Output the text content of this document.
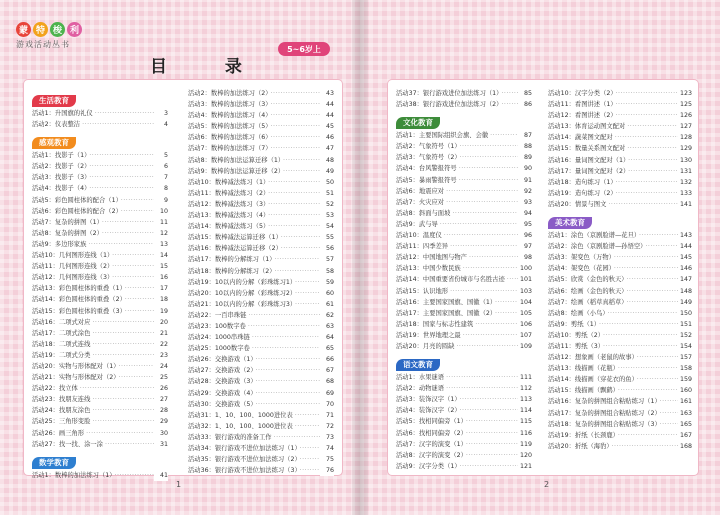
蒙 特 梭 利
游戏活动丛书
目 录
5~6岁上
生活教育
活动1：升国旗的礼仪 ·····	3
活动2：仪表整洁 ·····	4
感观教育
活动1：找影子（1） ·····	5
活动2：找影子（2） ·····	6
活动3：找影子（3） ·····	7
活动4：找影子（4） ·····	8
活动5：彩色圆柱体的配合（1） ·····	9
活动6：彩色圆柱体的配合（2） ·····	10
活动7：复杂的拼图（1） ·····	11
活动8：复杂的拼图（2） ·····	12
活动9：多边形家族 ·····	13
活动10：几何图形连线（1） ·····	14
活动11：几何图形连线（2） ·····	15
活动12：几何图形连线（3） ·····	16
活动13：彩色圆柱体的重叠（1） ·····	17
活动14：彩色圆柱体的重叠（2） ·····	18
活动15：彩色圆柱体的重叠（3） ·····	19
活动16：二项式对应 ·····	20
活动17：二项式涂色 ·····	21
活动18：二项式连线 ·····	22
活动19：二项式分类 ·····	23
活动20：实物与形体配对（1） ·····	24
活动21：实物与形体配对（2） ·····	25
活动22：找立体 ·····	26
活动23：找朋友连线 ·····	27
活动24：找朋友涂色 ·····	28
活动25：三角形变脸 ·····	29
活动26：画三角形 ·····	30
活动27：找一找、涂一涂 ·····	31
数学教育
活动1：数棒的加法练习（1） ·····	41
活动2：数棒的加法练习（2） ·····	43
活动3：数棒的加法练习（3） ·····	44
活动4：数棒的加法练习（4） ·····	44
活动5：数棒的加法练习（5） ·····	45
活动6：数棒的加法练习（6） ·····	46
活动7：数棒的加法练习（7） ·····	47
活动8：数棒的加法运算迁移（1） ·····	48
活动9：数棒的加法运算迁移（2） ·····	49
活动10：数棒减法练习（1） ·····	50
活动11：数棒减法练习（2） ·····	51
活动12：数棒减法练习（3） ·····	52
活动13：数棒减法练习（4） ·····	53
活动14：数棒减法练习（5） ·····	54
活动15：数棒减法运算迁移（1） ·····	55
活动16：数棒减法运算迁移（2） ·····	56
活动17：数棒的分解练习（1） ·····	57
活动18：数棒的分解练习（2） ·····	58
活动19：10以内的分解（彩珠练习1） ·····	59
活动20：10以内的分解（彩珠练习2） ·····	60
活动21：10以内的分解（彩珠练习3） ·····	61
活动22：一百串珠链 ·····	62
活动23：100数字卷 ·····	63
活动24：1000串珠链 ·····	64
活动25：1000数字卷 ·····	65
活动26：交换游戏（1） ·····	66
活动27：交换游戏（2） ·····	67
活动28：交换游戏（3） ·····	68
活动29：交换游戏（4） ·····	69
活动30：交换游戏（5） ·····	70
活动31：1、10、100、1000进位表 ·····	71
活动32：1、10、100、1000进位表 ·····	72
活动33：银行游戏的准备工作 ·····	73
活动34：银行游戏不进位加法练习（1） ·····	74
活动35：银行游戏不进位加法练习（2） ·····	75
活动36：银行游戏不进位加法练习（3） ·····	76
1
活动37：银行游戏进位加法练习（1） ·····	85
活动38：银行游戏进位加法练习（2） ·····	86
文化教育
活动1：主要国际组织会旗、会徽 ·····	87
活动2：气象符号（1） ·····	88
活动3：气象符号（2） ·····	89
活动4：台风警报符号 ·····	90
活动5：暴雨警报符号 ·····	91
活动6：地震应对 ·····	92
活动7：火灾应对 ·····	93
活动8：斜面与面坡 ·····	94
活动9：武与导 ·····	95
活动10：温度仪 ·····	96
活动11：四季差异 ·····	97
活动12：中国地图与物产 ·····	98
活动13：中国少数民族 ·····	100
活动14：中国重要省份城市与名胜古迹 ·····	101
活动15：认识地形 ·····	103
活动16：主要国家国旗、国徽（1） ·····	104
活动17：主要国家国旗、国徽（2） ·····	105
活动18：国家与标志性建筑 ·····	106
活动19：世界地理之最 ·····	107
活动20：月亮的圆缺 ·····	109
语文教育
活动1：水果谜语 ·····	111
活动2：动物谜语 ·····	112
活动3：装饰汉字（1） ·····	113
活动4：装饰汉字（2） ·····	114
活动5：找相同偏旁（1） ·····	115
活动6：找相同偏旁（2） ·····	116
活动7：汉字的演变（1） ·····	119
活动8：汉字的演变（2） ·····	120
活动9：汉字分类（1） ·····	121
活动10：汉字分类（2） ·····	123
活动11：看图讲述（1） ·····	125
活动12：看图讲述（2） ·····	126
活动13：体育运动图文配对 ·····	127
活动14：蔬菜图文配对 ·····	128
活动15：数量关系图文配对 ·····	129
活动16：量词图文配对（1） ·····	130
活动17：量词图文配对（2） ·····	131
活动18：造句练习（1） ·····	132
活动19：造句练习（2） ·····	133
活动20：情景与图文 ·····	141
美术教育
活动1：涂色（京剧脸谱—花旦） ·····	143
活动2：涂色（京剧脸谱—孙悟空） ·····	144
活动3：架变色（万物） ·····	145
活动4：架变色（花园） ·····	146
活动5：欣赏（金色的秋天） ·····	147
活动6：绘画（金色的秋天） ·····	148
活动7：绘画（稻草真稻草） ·····	149
活动8：绘画（小鸟） ·····	150
活动9：剪纸（1） ·····	151
活动10：剪纸（2） ·····	152
活动11：剪纸（3） ·····	154
活动12：想象画（老鼠的故事） ·····	157
活动13：线描画（花瓶） ·····	158
活动14：线描画（穿花衣的鱼） ·····	159
活动15：线描画（飘鹤） ·····	160
活动16：复杂的拼图组合粘贴练习（1） ·····	161
活动17：复杂的拼图组合粘贴练习（2） ·····	163
活动18：复杂的拼图组合粘贴练习（3） ·····	165
活动19：折纸（长颈鹿） ·····	167
活动20：折纸（海豹） ·····	168
2
